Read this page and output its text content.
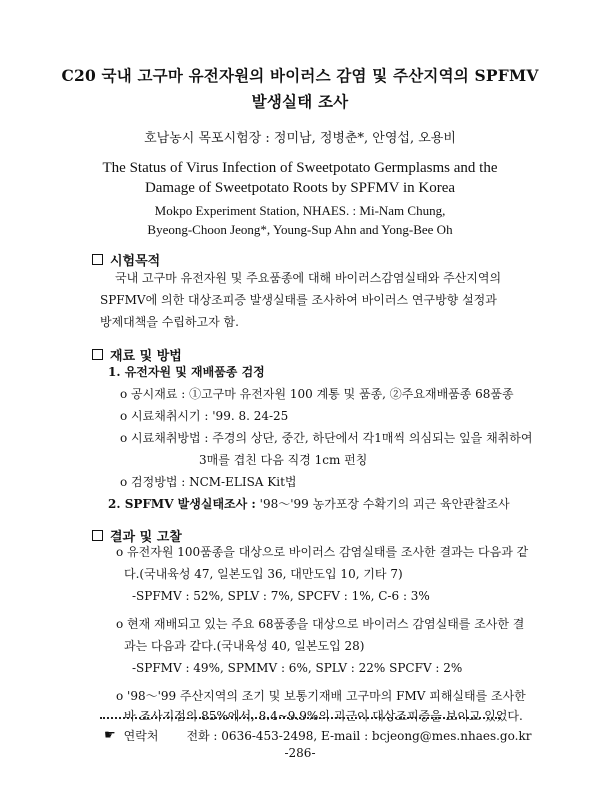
C20 국내 고구마 유전자원의 바이러스 감염 및 주산지역의 SPFMV
발생실태 조사
호남농시 목포시험장 : 정미남, 정병춘*, 안영섭, 오용비
The Status of Virus Infection of Sweetpotato Germplasms and the
Damage of Sweetpotato Roots by SPFMV in Korea
Mokpo Experiment Station, NHAES. : Mi-Nam Chung,
Byeong-Choon Jeong*, Young-Sup Ahn and Yong-Bee Oh
시험목적
국내 고구마 유전자원 및 주요품종에 대해 바이러스감염실태와 주산지역의
SPFMV에 의한 대상조피증 발생실태를 조사하여 바이러스 연구방향 설정과
방제대책을 수립하고자 함.
재료 및 방법
1. 유전자원 및 재배품종 검정
o 공시재료 : ①고구마 유전자원 100 계통 및 품종, ②주요재배품종 68품종
o 시료채취시기 : '99. 8. 24-25
o 시료채취방법 : 주경의 상단, 중간, 하단에서 각1매씩 의심되는 잎을 채취하여
3매를 겹친 다음 직경 1cm 펀칭
o 검정방법 : NCM-ELISA Kit법
2. SPFMV 발생실태조사 : '98～'99 농가포장 수확기의 괴근 육안관찰조사
결과 및 고찰
o 유전자원 100품종을 대상으로 바이러스 감염실태를 조사한 결과는 다음과 같
다.(국내육성 47, 일본도입 36, 대만도입 10, 기타 7)
-SPFMV : 52%, SPLV : 7%, SPCFV : 1%, C-6 : 3%
o 현재 재배되고 있는 주요 68품종을 대상으로 바이러스 감염실태를 조사한 결
과는 다음과 같다.(국내육성 40, 일본도입 28)
-SPFMV : 49%, SPMMV : 6%, SPLV : 22% SPCFV : 2%
o '98～'99 주산지역의 조기 및 보통기재배 고구마의 FMV 피해실태를 조사한
바 조사지점의 85%에서, 8.4~9.9%의 괴근이 대상조피증을 보이고 있었다.
☛ 연락처 전화 : 0636-453-2498, E-mail : bcjeong@mes.nhaes.go.kr
-286-
